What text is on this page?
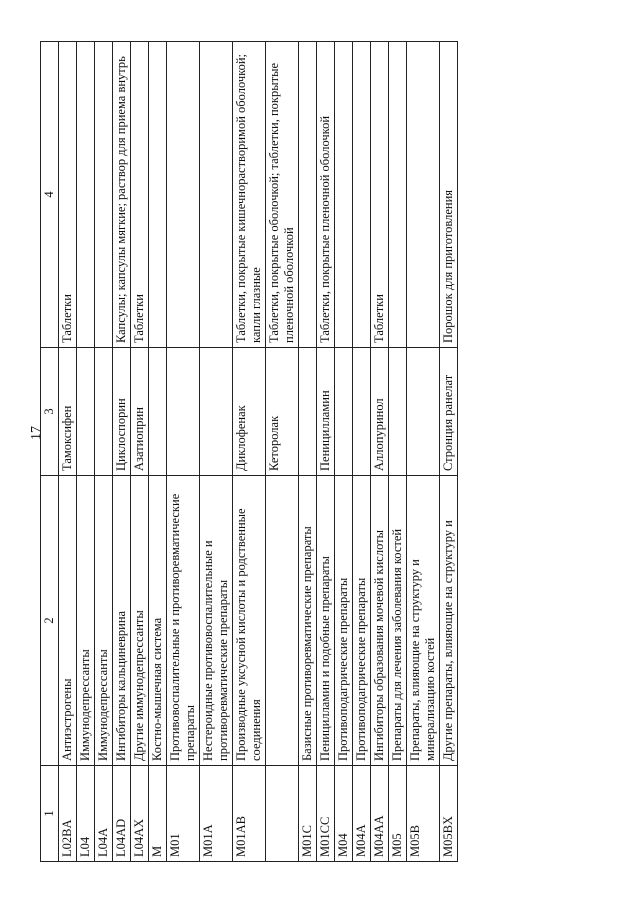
17
1	2	3	4
L02BA	Антиэстрогены	Тамоксифен	Таблетки
L04	Иммунодепрессанты		
L04A	Иммунодепрессанты		
L04AD	Ингибиторы кальциневрина	Циклоспорин	Капсулы; капсулы мягкие; раствор для приема внутрь
L04AX	Другие иммунодепрессанты	Азатиоприн	Таблетки
M	Костно-мышечная система		
M01	Противовоспалительные и противоревматические препараты		
M01A	Нестероидные противовоспалительные и противоревматические препараты		
M01AB	Производные уксусной кислоты и родственные соединения	Диклофенак	Таблетки, покрытые кишечнорастворимой оболочкой; капли глазные
		Кеторолак	Таблетки, покрытые оболочкой; таблетки, покрытые пленочной оболочкой
M01C	Базисные противоревматические препараты		
M01CC	Пеницилламин и подобные препараты	Пеницилламин	Таблетки, покрытые пленочной оболочкой
M04	Противоподагрические препараты		
M04A	Противоподагрические препараты		
M04AA	Ингибиторы образования мочевой кислоты	Аллопуринол	Таблетки
M05	Препараты для лечения заболевания костей		
M05B	Препараты, влияющие на структуру и минерализацию костей		
M05BX	Другие препараты, влияющие на структуру и	Стронция ранелат	Порошок для приготовления
